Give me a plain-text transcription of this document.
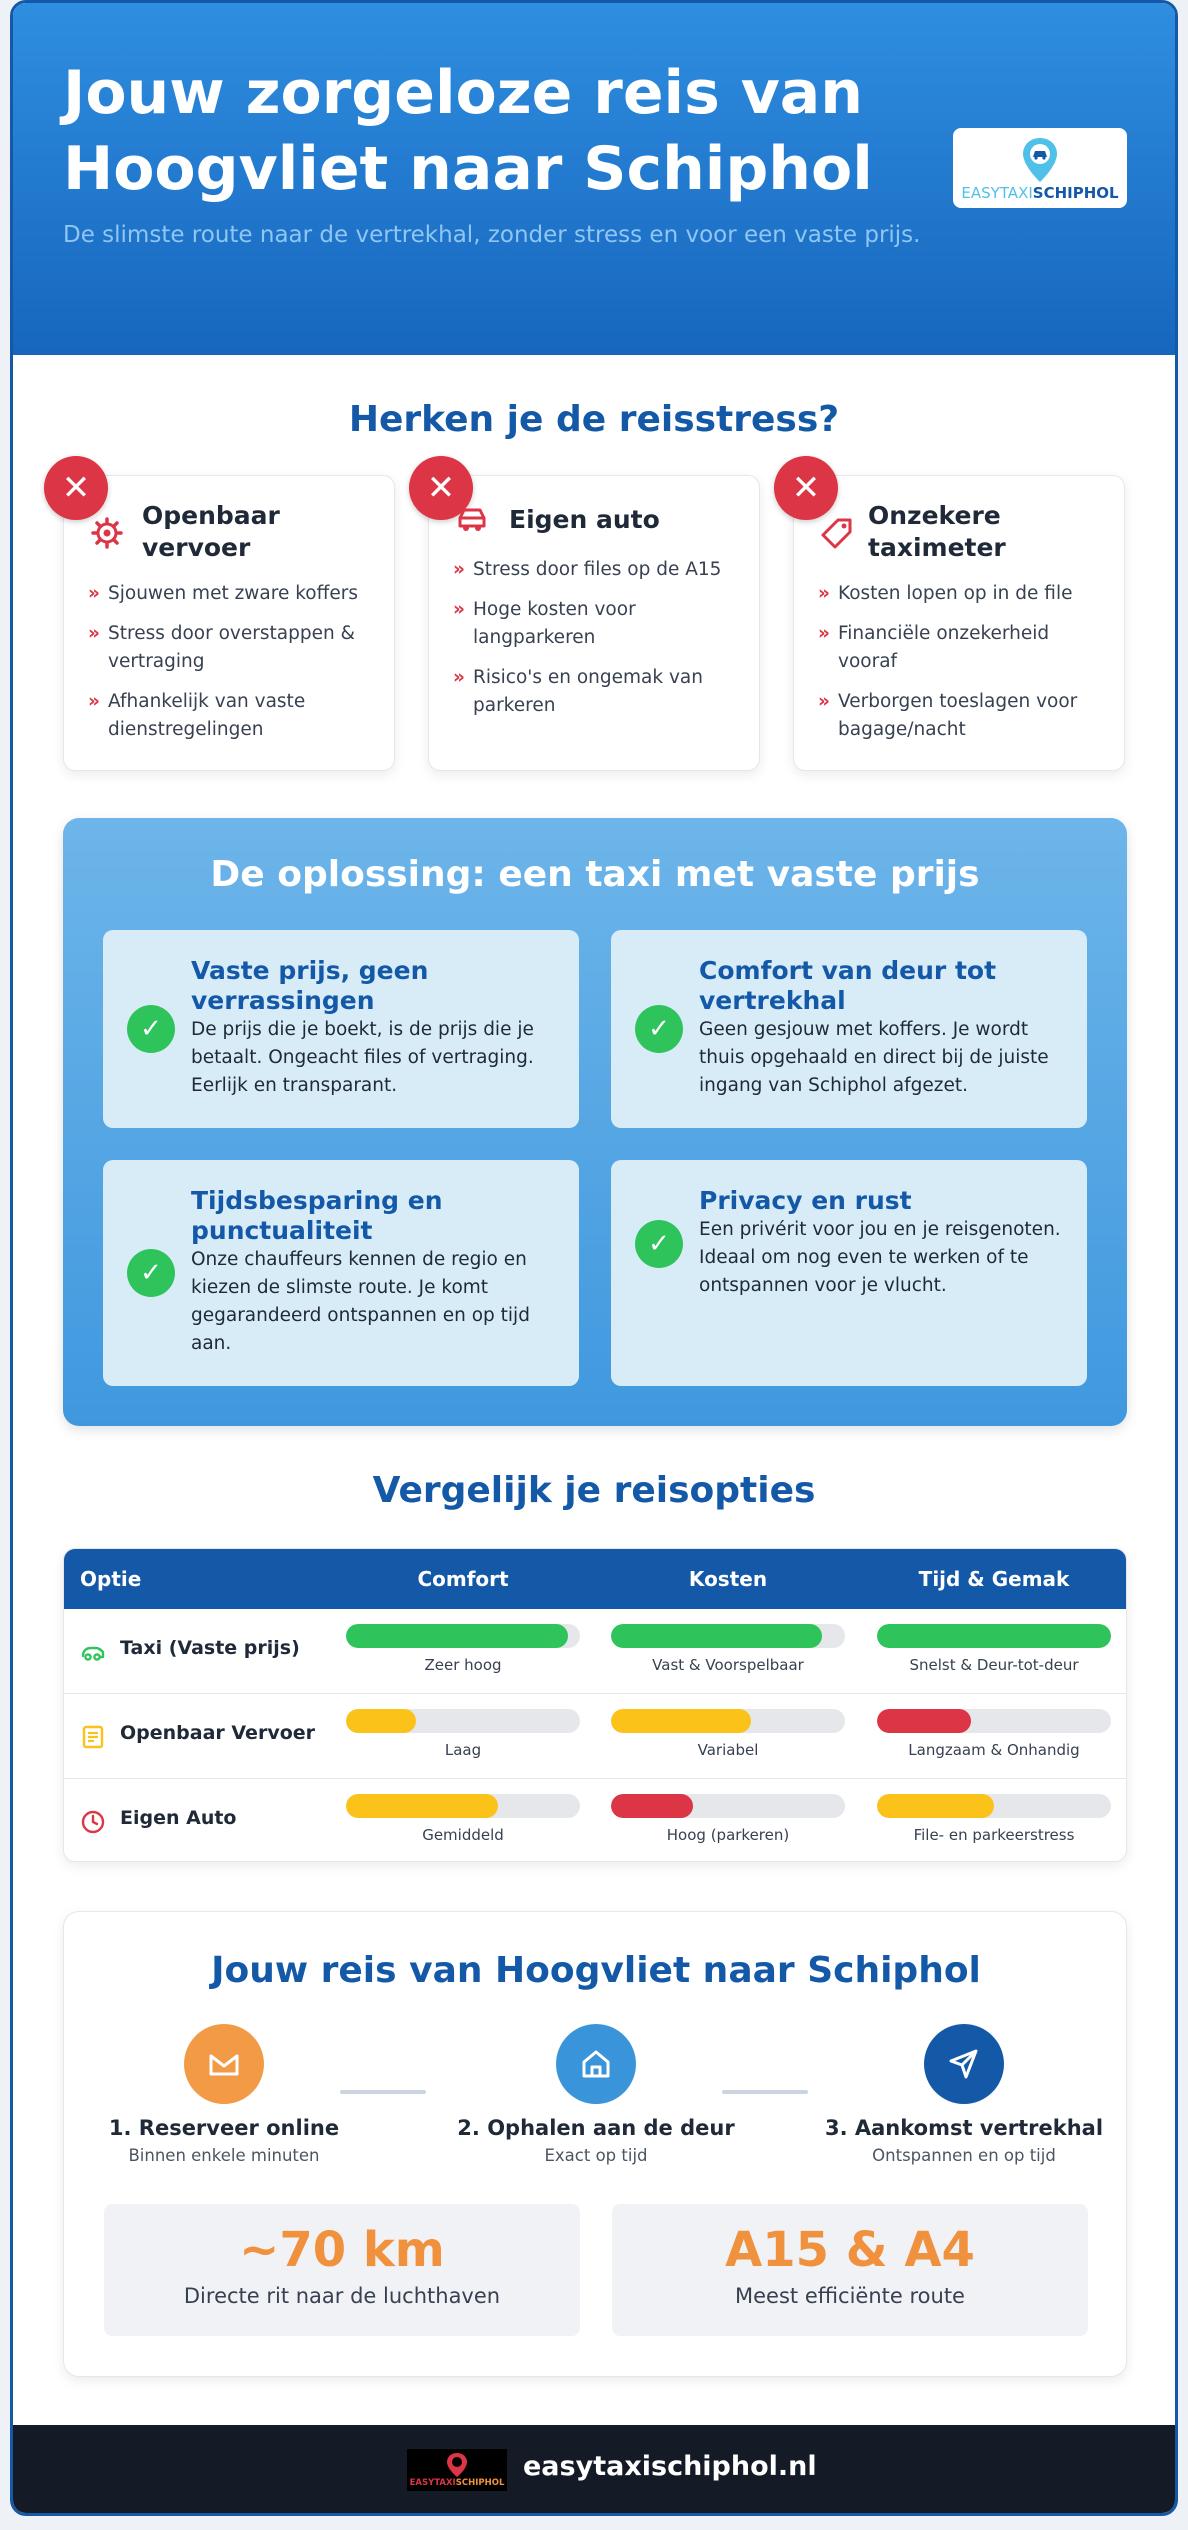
Jouw zorgeloze reis van Hoogvliet naar Schiphol
De slimste route naar de vertrekhal, zonder stress en voor een vaste prijs.
EASYTAXISCHIPHOL
Herken je de reisstress?
✕
Openbaar vervoer
» Sjouwen met zware koffers
» Stress door overstappen & vertraging
» Afhankelijk van vaste dienstregelingen
✕
Eigen auto
» Stress door files op de A15
» Hoge kosten voor langparkeren
» Risico's en ongemak van parkeren
✕
Onzekere taximeter
» Kosten lopen op in de file
» Financiële onzekerheid vooraf
» Verborgen toeslagen voor bagage/nacht
De oplossing: een taxi met vaste prijs
✓
Vaste prijs, geen verrassingen
De prijs die je boekt, is de prijs die je betaalt. Ongeacht files of vertraging. Eerlijk en transparant.
✓
Comfort van deur tot vertrekhal
Geen gesjouw met koffers. Je wordt thuis opgehaald en direct bij de juiste ingang van Schiphol afgezet.
✓
Tijdsbesparing en punctualiteit
Onze chauffeurs kennen de regio en kiezen de slimste route. Je komt gegarandeerd ontspannen en op tijd aan.
✓
Privacy en rust
Een privérit voor jou en je reisgenoten. Ideaal om nog even te werken of te ontspannen voor je vlucht.
Vergelijk je reisopties
Optie	Comfort	Kosten	Tijd & Gemak
Taxi (Vaste prijs)
Zeer hoog	Vast & Voorspelbaar	Snelst & Deur-tot-deur
Openbaar Vervoer
Laag	Variabel	Langzaam & Onhandig
Eigen Auto
Gemiddeld	Hoog (parkeren)	File- en parkeerstress
Jouw reis van Hoogvliet naar Schiphol
1. Reserveer online
Binnen enkele minuten
2. Ophalen aan de deur
Exact op tijd
3. Aankomst vertrekhal
Ontspannen en op tijd
~70 km
Directe rit naar de luchthaven
A15 & A4
Meest efficiënte route
EASYTAXISCHIPHOL
easytaxischiphol.nl
